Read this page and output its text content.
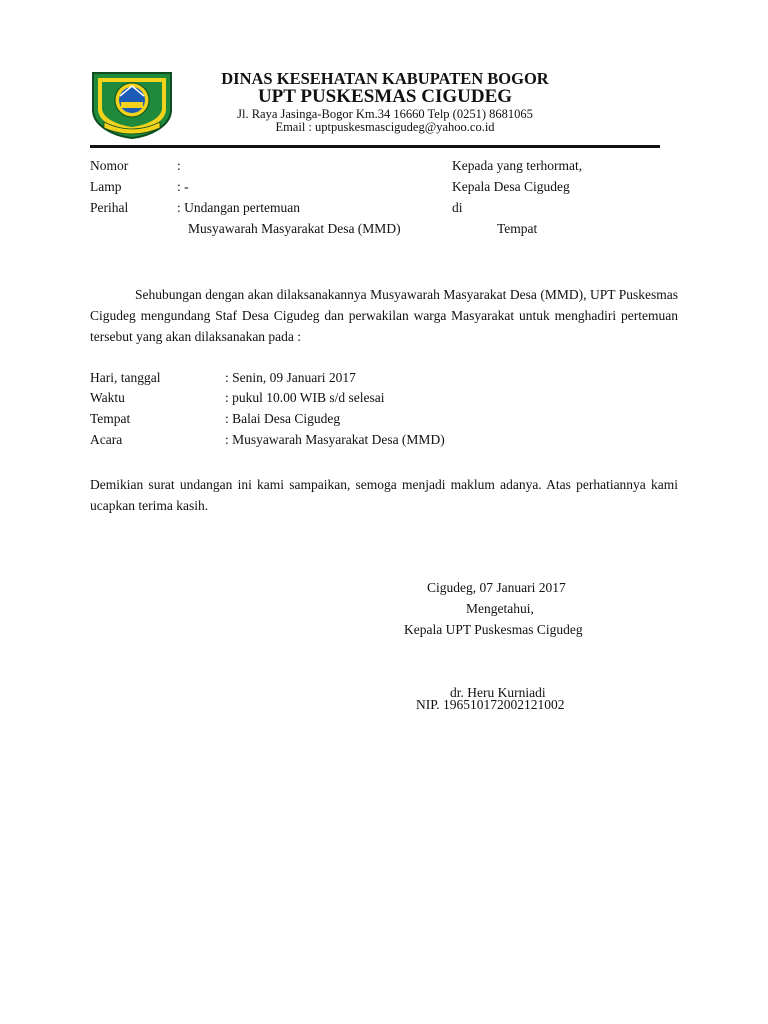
DINAS KESEHATAN KABUPATEN BOGOR
UPT PUSKESMAS CIGUDEG
Jl. Raya Jasinga-Bogor Km.34 16660 Telp (0251) 8681065
Email : uptpuskesmascigudeg@yahoo.co.id
Nomor	:
Lamp	: -
Perihal	: Undangan pertemuan
Musyawarah Masyarakat Desa (MMD)
Kepada yang terhormat,
Kepala Desa Cigudeg
di
Tempat
Sehubungan dengan akan dilaksanakannya Musyawarah Masyarakat Desa (MMD), UPT Puskesmas Cigudeg mengundang Staf Desa Cigudeg dan perwakilan warga Masyarakat untuk menghadiri pertemuan tersebut yang akan dilaksanakan pada :
Hari, tanggal	: Senin, 09 Januari 2017
Waktu	: pukul 10.00 WIB s/d selesai
Tempat	: Balai Desa Cigudeg
Acara	: Musyawarah Masyarakat Desa (MMD)
Demikian surat undangan ini kami sampaikan, semoga menjadi maklum adanya. Atas perhatiannya kami ucapkan terima kasih.
Cigudeg, 07 Januari 2017
Mengetahui,
Kepala UPT Puskesmas Cigudeg
dr. Heru Kurniadi
NIP. 196510172002121002
